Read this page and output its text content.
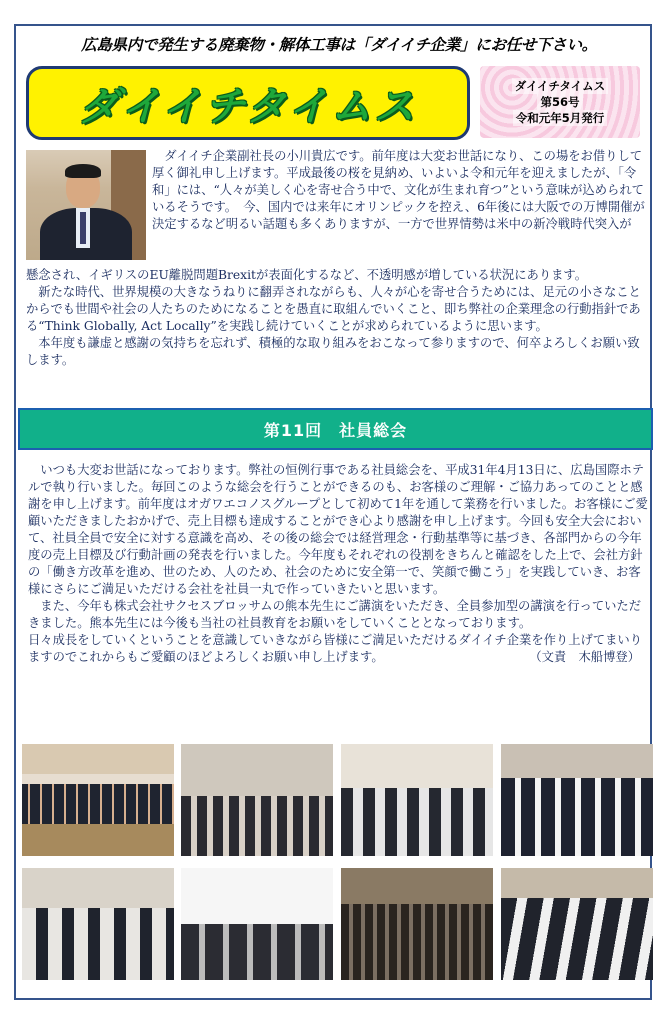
広島県内で発生する廃棄物・解体工事は「ダイイチ企業」にお任せ下さい。
ダイイチタイムス	ダイイチタイムス
第56号
令和元年5月発行

　ダイイチ企業副社長の小川貴広です。前年度は大変お世話になり、この場をお借りして厚く御礼申し上げます。平成最後の桜を見納め、いよいよ令和元年を迎えましたが、「令和」には、“人々が美しく心を寄せ合う中で、文化が生まれ育つ”という意味が込められているそうです。　今、国内では来年にオリンピックを控え、6年後には大阪での万博開催が決定するなど明るい話題も多くありますが、一方で世界情勢は米中の新冷戦時代突入が

懸念され、イギリスのEU離脱問題Brexitが表面化するなど、不透明感が増している状況にあります。

　新たな時代、世界規模の大きなうねりに翻弄されながらも、人々が心を寄せ合うためには、足元の小さなことからでも世間や社会の人たちのためになることを愚直に取組んでいくこと、即ち弊社の企業理念の行動指針である“Think Globally, Act Locally”を実践し続けていくことが求められているように思います。

　本年度も謙虚と感謝の気持ちを忘れず、積極的な取り組みをおこなって参りますので、何卒よろしくお願い致します。

第11回　社員総会

　いつも大変お世話になっております。弊社の恒例行事である社員総会を、平成31年4月13日に、広島国際ホテルで執り行いました。毎回このような総会を行うことができるのも、お客様のご理解・ご協力あってのことと感謝を申し上げます。前年度はオガワエコノスグループとして初めて1年を通して業務を行いました。お客様にご愛顧いただきましたおかげで、売上目標も達成することができ心より感謝を申し上げます。今回も安全大会において、社員全員で安全に対する意識を高め、その後の総会では経営理念・行動基準等に基づき、各部門からの今年度の売上目標及び行動計画の発表を行いました。今年度もそれぞれの役割をきちんと確認をした上で、会社方針の「働き方改革を進め、世のため、人のため、社会のために安全第一で、笑顔で働こう」を実践していき、お客様にさらにご満足いただける会社を社員一丸で作っていきたいと思います。

　また、今年も株式会社サクセスブロッサムの熊本先生にご講演をいただき、全員参加型の講演を行っていただきました。熊本先生には今後も当社の社員教育をお願いをしていくこととなっております。

日々成長をしていくということを意識していきながら皆様にご満足いただけるダイイチ企業を作り上げてまいりますのでこれからもご愛顧のほどよろしくお願い申し上げます。	（文責　木船博登）
